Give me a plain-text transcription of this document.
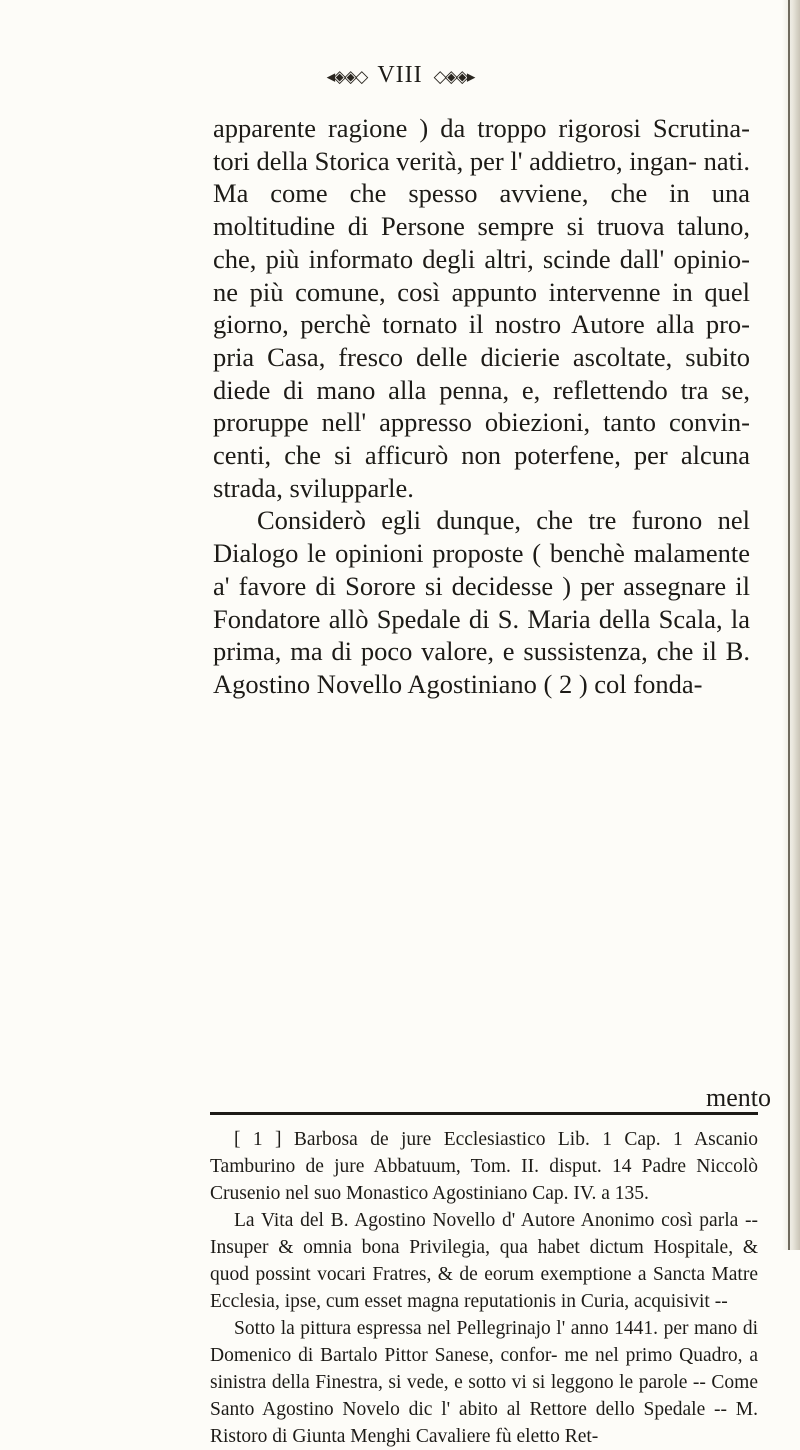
◂◈◈◇ VIII ◇◈◈▸

apparente ragione ) da troppo rigorosi Scrutina- tori della Storica verità, per l' addietro, ingan- nati. Ma come che spesso avviene, che in una moltitudine di Persone sempre si truova taluno, che, più informato degli altri, scinde dall' opinio- ne più comune, così appunto intervenne in quel giorno, perchè tornato il nostro Autore alla pro- pria Casa, fresco delle dicierie ascoltate, subito diede di mano alla penna, e, reflettendo tra se, proruppe nell' appresso obiezioni, tanto convin- centi, che si afficurò non poterfene, per alcuna strada, svilupparle.

Considerò egli dunque, che tre furono nel Dialogo le opinioni proposte ( benchè malamente a' favore di Sorore si decidesse ) per assegnare il Fondatore allò Spedale di S. Maria della Scala, la prima, ma di poco valore, e sussistenza, che il B. Agostino Novello Agostiniano ( 2 ) col fonda-

mento

[ 1 ] Barbosa de jure Ecclesiastico Lib. 1 Cap. 1 Ascanio Tamburino de jure Abbatuum, Tom. II. disput. 14 Padre Niccolò Crusenio nel suo Monastico Agostiniano Cap. IV. a 135.

La Vita del B. Agostino Novello d' Autore Anonimo così parla -- Insuper & omnia bona Privilegia, qua habet dictum Hospitale, & quod possint vocari Fratres, & de eorum exemptione a Sancta Matre Ecclesia, ipse, cum esset magna reputationis in Curia, acquisivit --

Sotto la pittura espressa nel Pellegrinajo l' anno 1441. per mano di Domenico di Bartalo Pittor Sanese, confor- me nel primo Quadro, a sinistra della Finestra, si vede, e sotto vi si leggono le parole -- Come Santo Agostino Novelo dic l' abito al Rettore dello Spedale -- M. Ristoro di Giunta Menghi Cavaliere fù eletto Ret-
